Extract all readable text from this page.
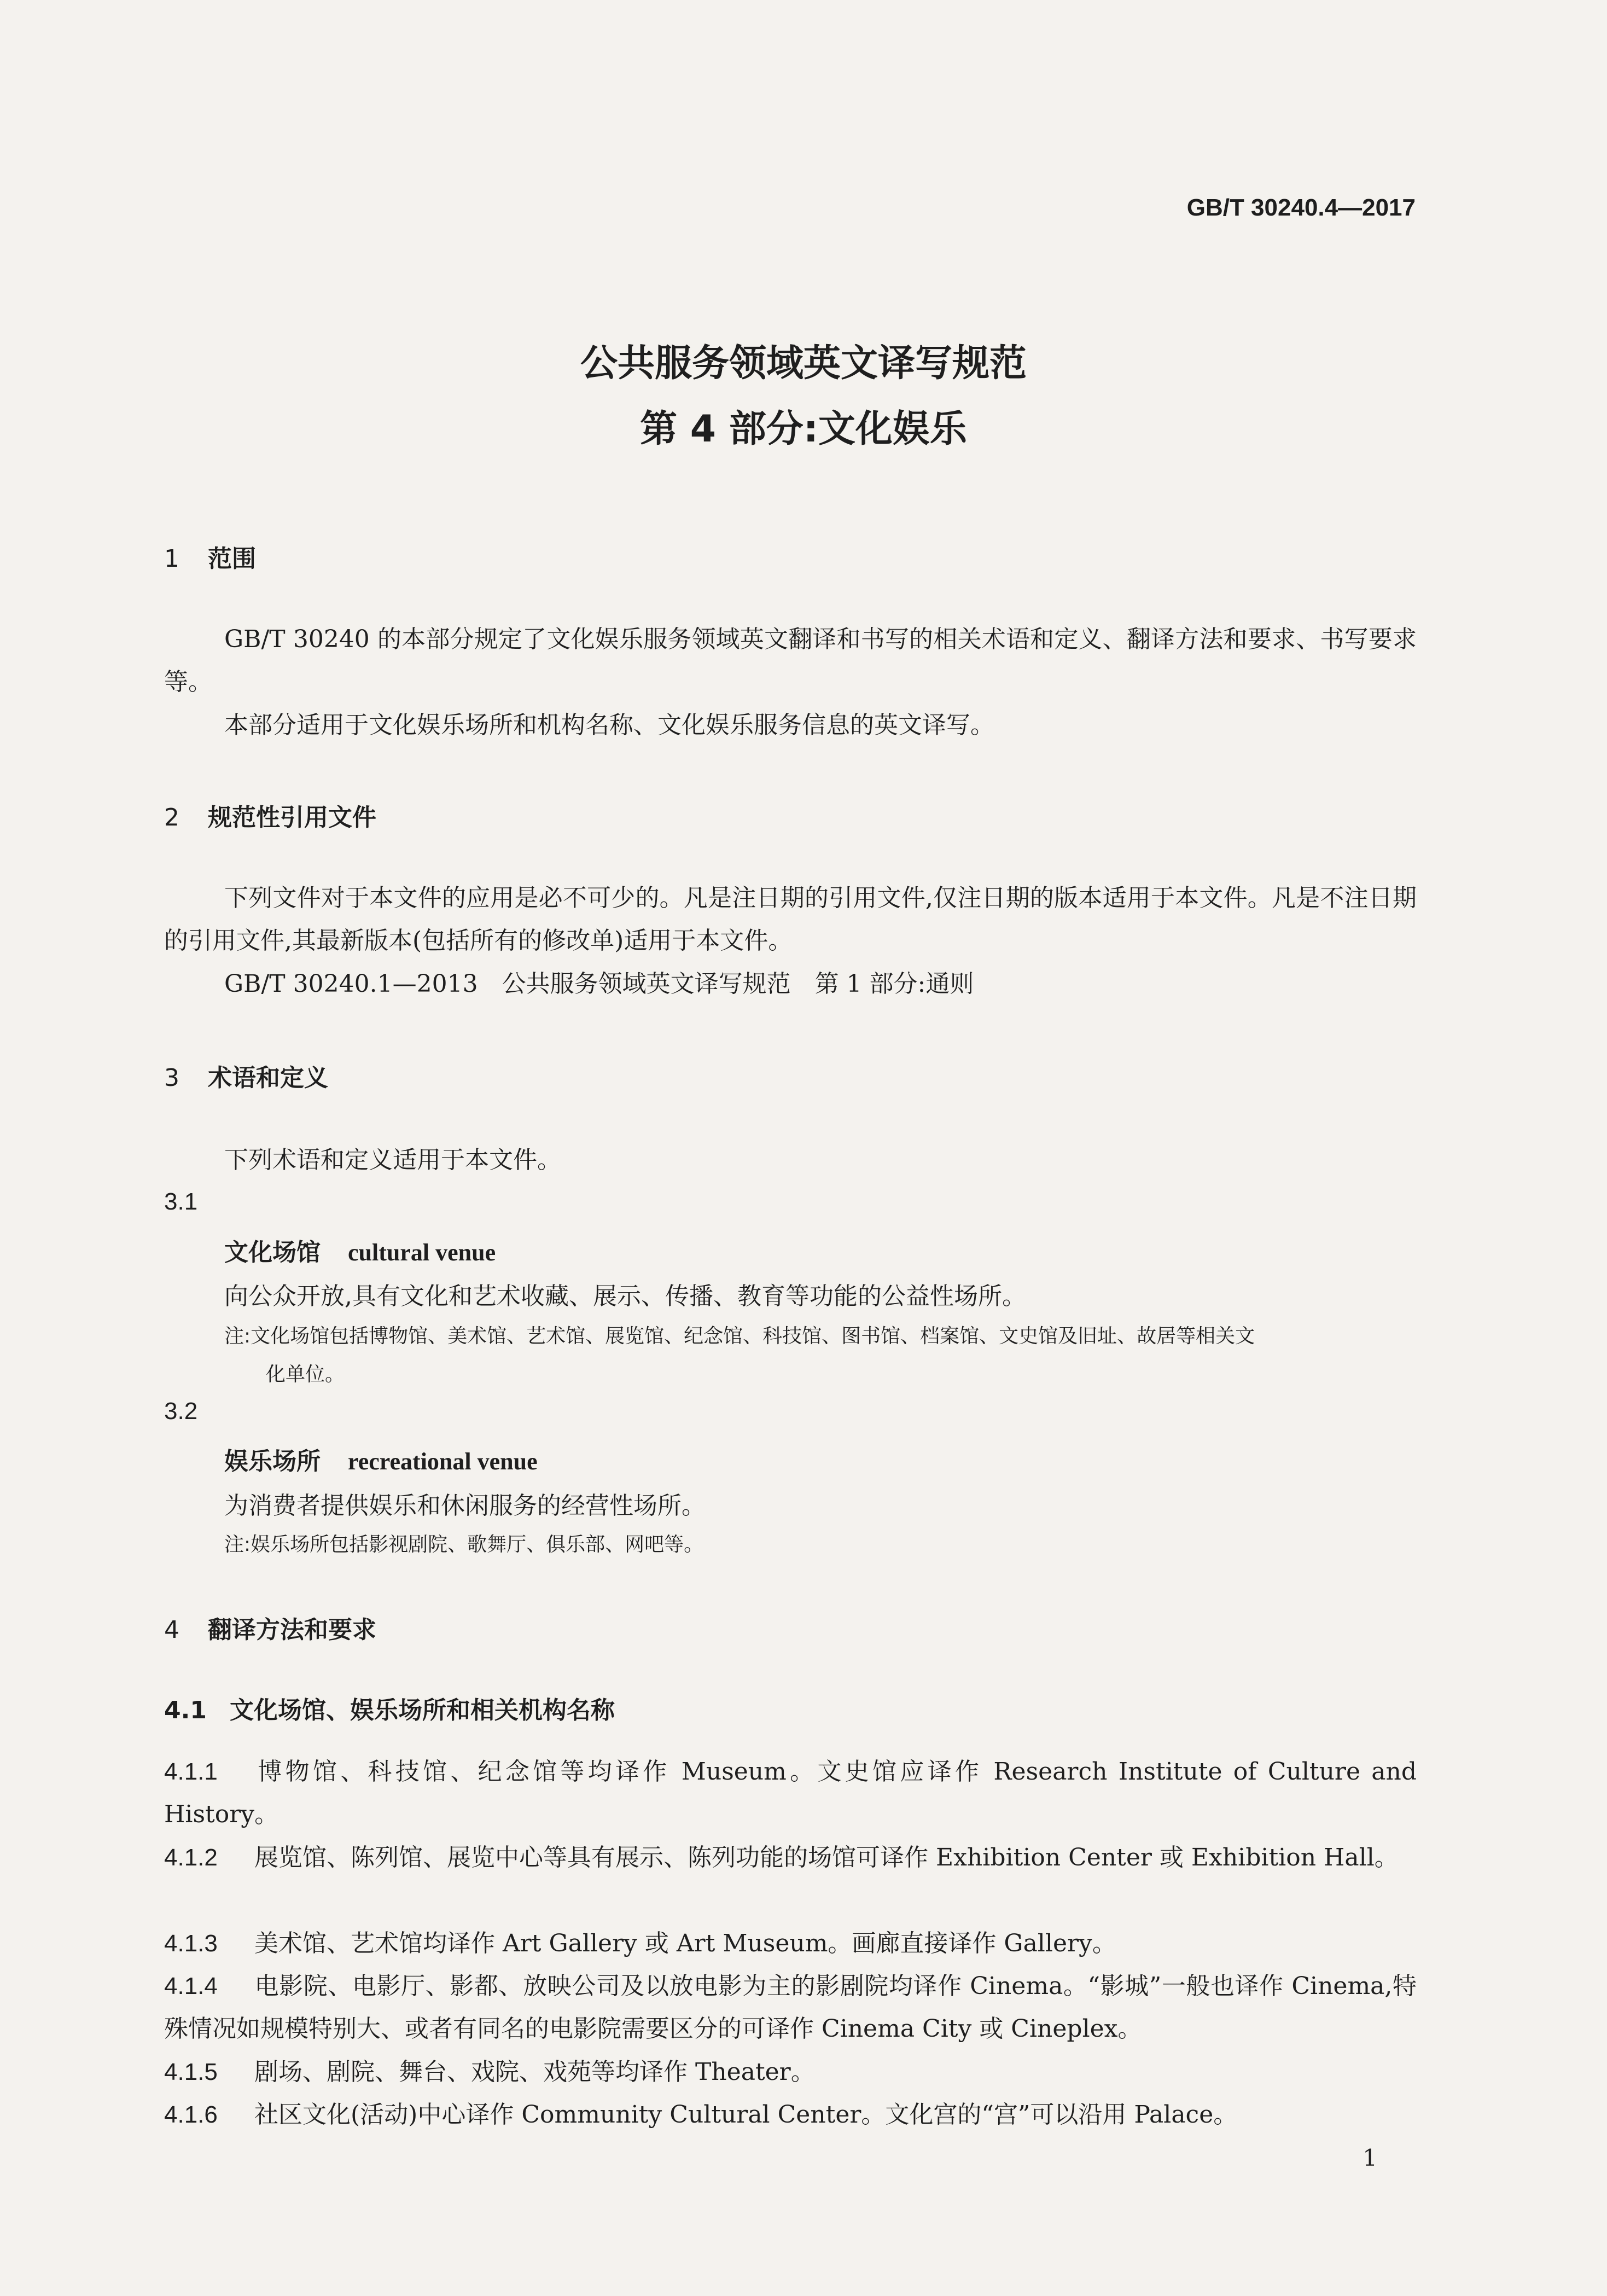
GB/T 30240.4—2017
公共服务领域英文译写规范
第 4 部分:文化娱乐
1 范围
GB/T 30240 的本部分规定了文化娱乐服务领域英文翻译和书写的相关术语和定义、翻译方法和要求、书写要求等。
本部分适用于文化娱乐场所和机构名称、文化娱乐服务信息的英文译写。
2 规范性引用文件
下列文件对于本文件的应用是必不可少的。凡是注日期的引用文件,仅注日期的版本适用于本文件。凡是不注日期的引用文件,其最新版本(包括所有的修改单)适用于本文件。
GB/T 30240.1—2013　公共服务领域英文译写规范　第 1 部分:通则
3 术语和定义
下列术语和定义适用于本文件。
3.1
文化场馆 cultural venue
向公众开放,具有文化和艺术收藏、展示、传播、教育等功能的公益性场所。
注:文化场馆包括博物馆、美术馆、艺术馆、展览馆、纪念馆、科技馆、图书馆、档案馆、文史馆及旧址、故居等相关文
化单位。
3.2
娱乐场所 recreational venue
为消费者提供娱乐和休闲服务的经营性场所。
注:娱乐场所包括影视剧院、歌舞厅、俱乐部、网吧等。
4 翻译方法和要求
4.1 文化场馆、娱乐场所和相关机构名称
4.1.1 博物馆、科技馆、纪念馆等均译作 Museum。文史馆应译作 Research Institute of Culture and History。
4.1.2 展览馆、陈列馆、展览中心等具有展示、陈列功能的场馆可译作 Exhibition Center 或 Exhibition Hall。
4.1.3 美术馆、艺术馆均译作 Art Gallery 或 Art Museum。画廊直接译作 Gallery。
4.1.4 电影院、电影厅、影都、放映公司及以放电影为主的影剧院均译作 Cinema。“影城”一般也译作 Cinema,特殊情况如规模特别大、或者有同名的电影院需要区分的可译作 Cinema City 或 Cineplex。
4.1.5 剧场、剧院、舞台、戏院、戏苑等均译作 Theater。
4.1.6 社区文化(活动)中心译作 Community Cultural Center。文化宫的“宫”可以沿用 Palace。
1
